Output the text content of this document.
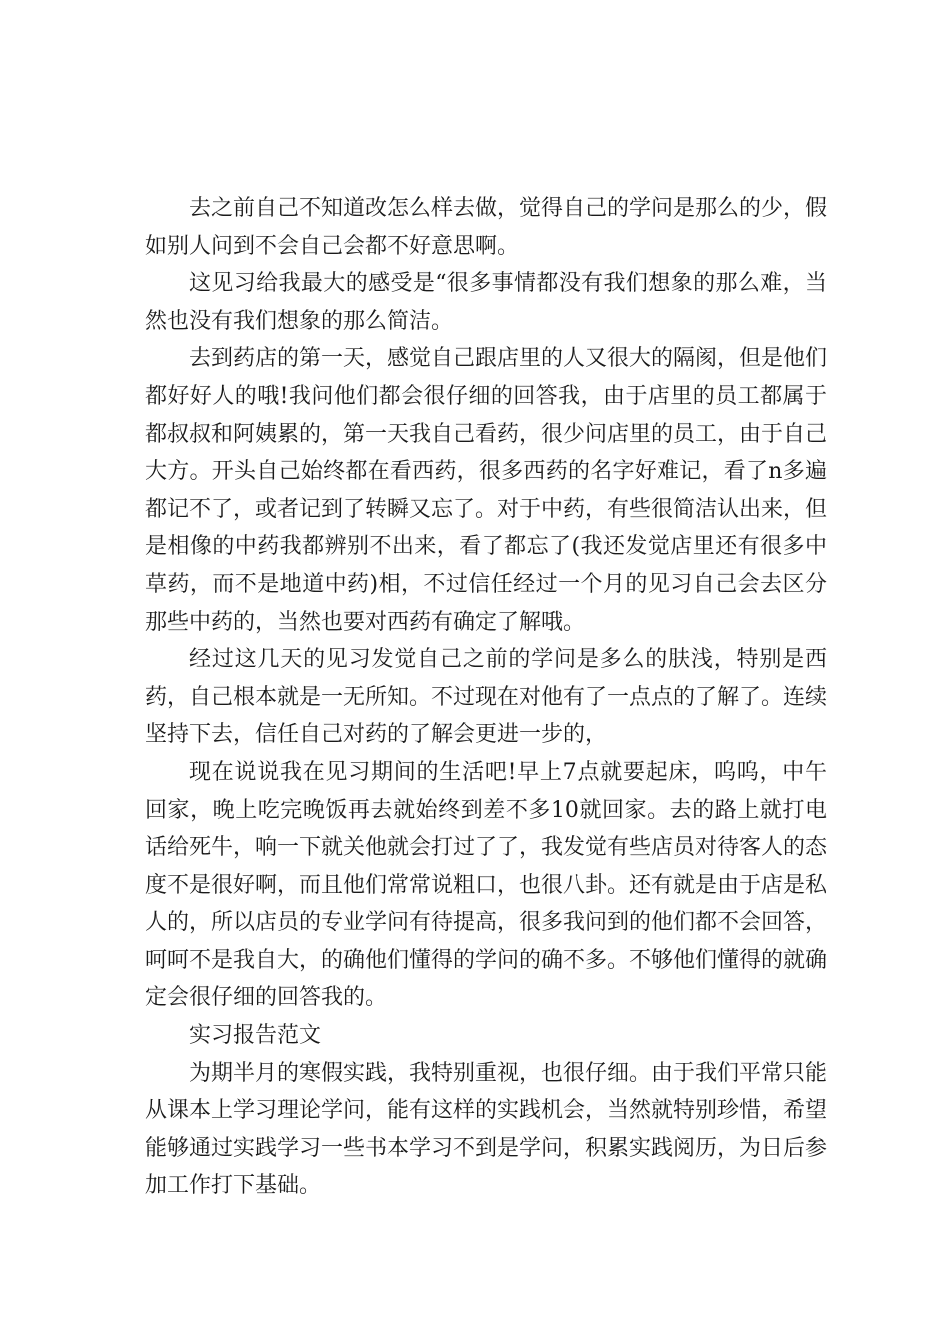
去之前自己不知道改怎么样去做，觉得自己的学问是那么的少，假如别人问到不会自己会都不好意思啊。

这见习给我最大的感受是“很多事情都没有我们想象的那么难，当然也没有我们想象的那么简洁。

去到药店的第一天，感觉自己跟店里的人又很大的隔阂，但是他们都好好人的哦!我问他们都会很仔细的回答我，由于店里的员工都属于都叔叔和阿姨累的，第一天我自己看药，很少问店里的员工，由于自己大方。开头自己始终都在看西药，很多西药的名字好难记，看了n多遍都记不了，或者记到了转瞬又忘了。对于中药，有些很简洁认出来，但是相像的中药我都辨别不出来，看了都忘了(我还发觉店里还有很多中草药，而不是地道中药)相，不过信任经过一个月的见习自己会去区分那些中药的，当然也要对西药有确定了解哦。

经过这几天的见习发觉自己之前的学问是多么的肤浅，特别是西药，自己根本就是一无所知。不过现在对他有了一点点的了解了。连续坚持下去，信任自己对药的了解会更进一步的，

现在说说我在见习期间的生活吧!早上7点就要起床，呜呜，中午回家，晚上吃完晚饭再去就始终到差不多10就回家。去的路上就打电话给死牛，响一下就关他就会打过了了，我发觉有些店员对待客人的态度不是很好啊，而且他们常常说粗口，也很八卦。还有就是由于店是私人的，所以店员的专业学问有待提高，很多我问到的他们都不会回答，呵呵不是我自大，的确他们懂得的学问的确不多。不够他们懂得的就确定会很仔细的回答我的。

实习报告范文

为期半月的寒假实践，我特别重视，也很仔细。由于我们平常只能从课本上学习理论学问，能有这样的实践机会，当然就特别珍惜，希望能够通过实践学习一些书本学习不到是学问，积累实践阅历，为日后参加工作打下基础。
